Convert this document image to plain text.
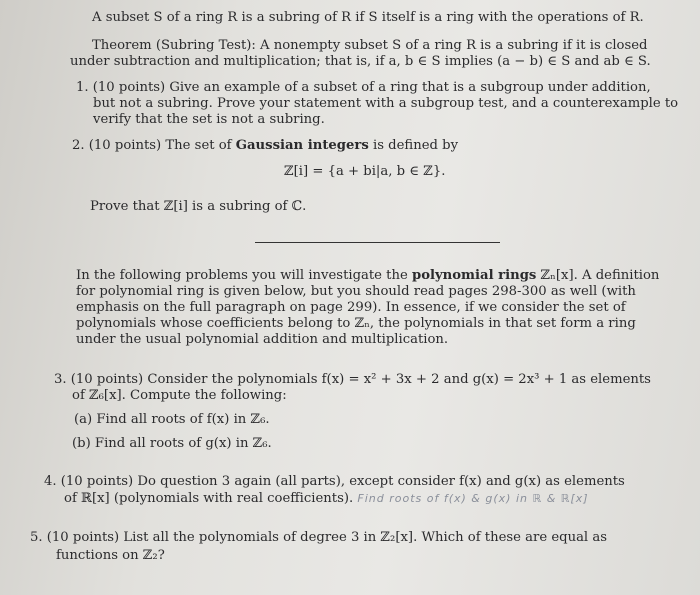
A subset S of a ring R is a subring of R if S itself is a ring with the operations of R.
Theorem (Subring Test): A nonempty subset S of a ring R is a subring if it is closed
under subtraction and multiplication; that is, if a, b ∈ S implies (a − b) ∈ S and ab ∈ S.
1. (10 points) Give an example of a subset of a ring that is a subgroup under addition,
but not a subring. Prove your statement with a subgroup test, and a counterexample to
verify that the set is not a subring.
2. (10 points) The set of Gaussian integers is defined by
ℤ[i] = {a + bi|a, b ∈ ℤ}.
Prove that ℤ[i] is a subring of ℂ.
In the following problems you will investigate the polynomial rings ℤₙ[x]. A definition
for polynomial ring is given below, but you should read pages 298-300 as well (with
emphasis on the full paragraph on page 299). In essence, if we consider the set of
polynomials whose coefficients belong to ℤₙ, the polynomials in that set form a ring
under the usual polynomial addition and multiplication.
3. (10 points) Consider the polynomials f(x) = x² + 3x + 2 and g(x) = 2x³ + 1 as elements
of ℤ₆[x]. Compute the following:
(a) Find all roots of f(x) in ℤ₆.
(b) Find all roots of g(x) in ℤ₆.
4. (10 points) Do question 3 again (all parts), except consider f(x) and g(x) as elements
of ℝ[x] (polynomials with real coefficients). Find roots of f(x) & g(x) in ℝ & ℝ[x]
5. (10 points) List all the polynomials of degree 3 in ℤ₂[x]. Which of these are equal as
functions on ℤ₂?
